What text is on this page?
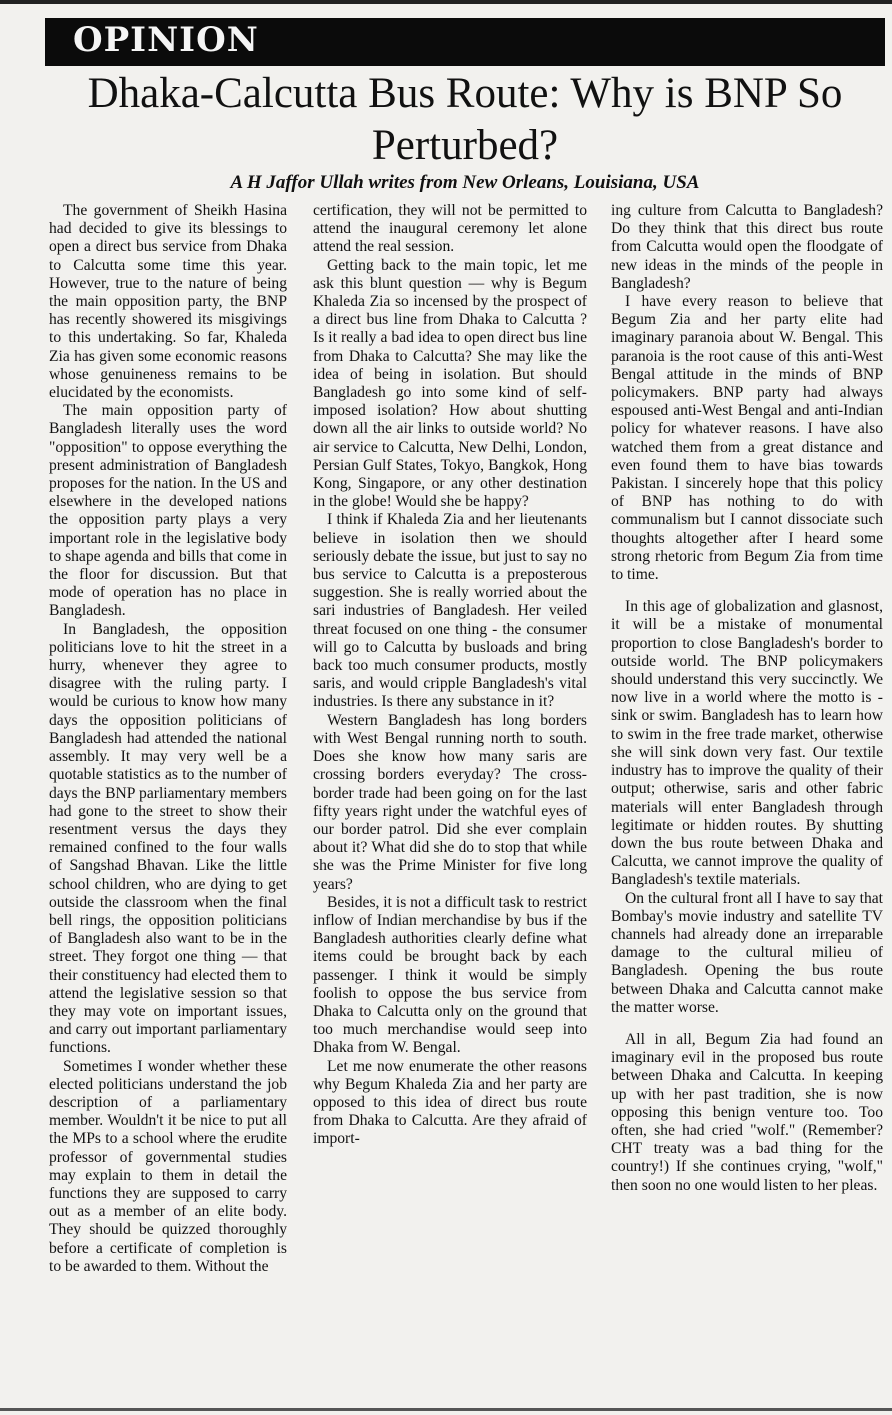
OPINION
Dhaka-Calcutta Bus Route: Why is BNP So Perturbed?
A H Jaffor Ullah writes from New Orleans, Louisiana, USA

The government of Sheikh Hasina had decided to give its blessings to open a direct bus service from Dhaka to Calcutta some time this year. However, true to the nature of being the main opposition party, the BNP has recently showered its misgivings to this undertaking. So far, Khaleda Zia has given some economic reasons whose genuineness remains to be elucidated by the economists.

The main opposition party of Bangladesh literally uses the word "opposition" to oppose everything the present administration of Bangladesh proposes for the nation. In the US and elsewhere in the developed nations the opposition party plays a very important role in the legislative body to shape agenda and bills that come in the floor for discussion. But that mode of operation has no place in Bangladesh.

In Bangladesh, the opposition politicians love to hit the street in a hurry, whenever they agree to disagree with the ruling party. I would be curious to know how many days the opposition politicians of Bangladesh had attended the national assembly. It may very well be a quotable statistics as to the number of days the BNP parliamentary members had gone to the street to show their resentment versus the days they remained confined to the four walls of Sangshad Bhavan. Like the little school children, who are dying to get outside the classroom when the final bell rings, the opposition politicians of Bangladesh also want to be in the street. They forgot one thing — that their constituency had elected them to attend the legislative session so that they may vote on important issues, and carry out important parliamentary functions.

Sometimes I wonder whether these elected politicians understand the job description of a parliamentary member. Wouldn't it be nice to put all the MPs to a school where the erudite professor of governmental studies may explain to them in detail the functions they are supposed to carry out as a member of an elite body. They should be quizzed thoroughly before a certificate of completion is to be awarded to them. Without the

certification, they will not be permitted to attend the inaugural ceremony let alone attend the real session.

Getting back to the main topic, let me ask this blunt question — why is Begum Khaleda Zia so incensed by the prospect of a direct bus line from Dhaka to Calcutta ? Is it really a bad idea to open direct bus line from Dhaka to Calcutta? She may like the idea of being in isolation. But should Bangladesh go into some kind of self-imposed isolation? How about shutting down all the air links to outside world? No air service to Calcutta, New Delhi, London, Persian Gulf States, Tokyo, Bangkok, Hong Kong, Singapore, or any other destination in the globe! Would she be happy?

I think if Khaleda Zia and her lieutenants believe in isolation then we should seriously debate the issue, but just to say no bus service to Calcutta is a preposterous suggestion. She is really worried about the sari industries of Bangladesh. Her veiled threat focused on one thing - the consumer will go to Calcutta by busloads and bring back too much consumer products, mostly saris, and would cripple Bangladesh's vital industries. Is there any substance in it?

Western Bangladesh has long borders with West Bengal running north to south. Does she know how many saris are crossing borders everyday? The cross-border trade had been going on for the last fifty years right under the watchful eyes of our border patrol. Did she ever complain about it? What did she do to stop that while she was the Prime Minister for five long years?

Besides, it is not a difficult task to restrict inflow of Indian merchandise by bus if the Bangladesh authorities clearly define what items could be brought back by each passenger. I think it would be simply foolish to oppose the bus service from Dhaka to Calcutta only on the ground that too much merchandise would seep into Dhaka from W. Bengal.

Let me now enumerate the other reasons why Begum Khaleda Zia and her party are opposed to this idea of direct bus route from Dhaka to Calcutta. Are they afraid of import-

ing culture from Calcutta to Bangladesh? Do they think that this direct bus route from Calcutta would open the floodgate of new ideas in the minds of the people in Bangladesh?

I have every reason to believe that Begum Zia and her party elite had imaginary paranoia about W. Bengal. This paranoia is the root cause of this anti-West Bengal attitude in the minds of BNP policymakers. BNP party had always espoused anti-West Bengal and anti-Indian policy for whatever reasons. I have also watched them from a great distance and even found them to have bias towards Pakistan. I sincerely hope that this policy of BNP has nothing to do with communalism but I cannot dissociate such thoughts altogether after I heard some strong rhetoric from Begum Zia from time to time.

In this age of globalization and glasnost, it will be a mistake of monumental proportion to close Bangladesh's border to outside world. The BNP policymakers should understand this very succinctly. We now live in a world where the motto is - sink or swim. Bangladesh has to learn how to swim in the free trade market, otherwise she will sink down very fast. Our textile industry has to improve the quality of their output; otherwise, saris and other fabric materials will enter Bangladesh through legitimate or hidden routes. By shutting down the bus route between Dhaka and Calcutta, we cannot improve the quality of Bangladesh's textile materials.

On the cultural front all I have to say that Bombay's movie industry and satellite TV channels had already done an irreparable damage to the cultural milieu of Bangladesh. Opening the bus route between Dhaka and Calcutta cannot make the matter worse.

All in all, Begum Zia had found an imaginary evil in the proposed bus route between Dhaka and Calcutta. In keeping up with her past tradition, she is now opposing this benign venture too. Too often, she had cried "wolf." (Remember? CHT treaty was a bad thing for the country!) If she continues crying, "wolf," then soon no one would listen to her pleas.
